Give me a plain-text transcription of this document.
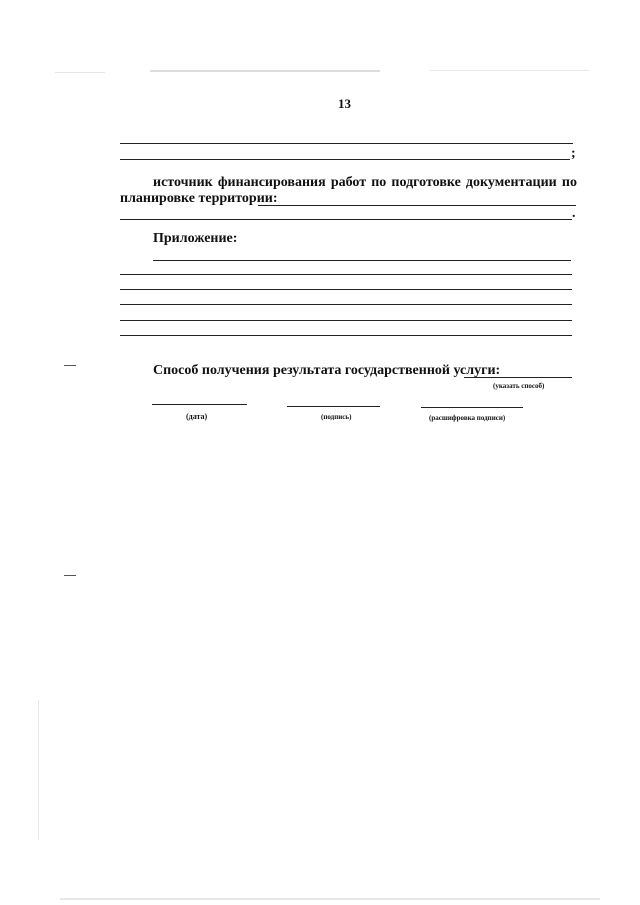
13
;
источник финансирования работ по подготовке документации по
планировке территории:
.
Приложение:
Способ получения результата государственной услуги:
(указать способ)
(дата)	(подпись)	(расшифровка подписи)
